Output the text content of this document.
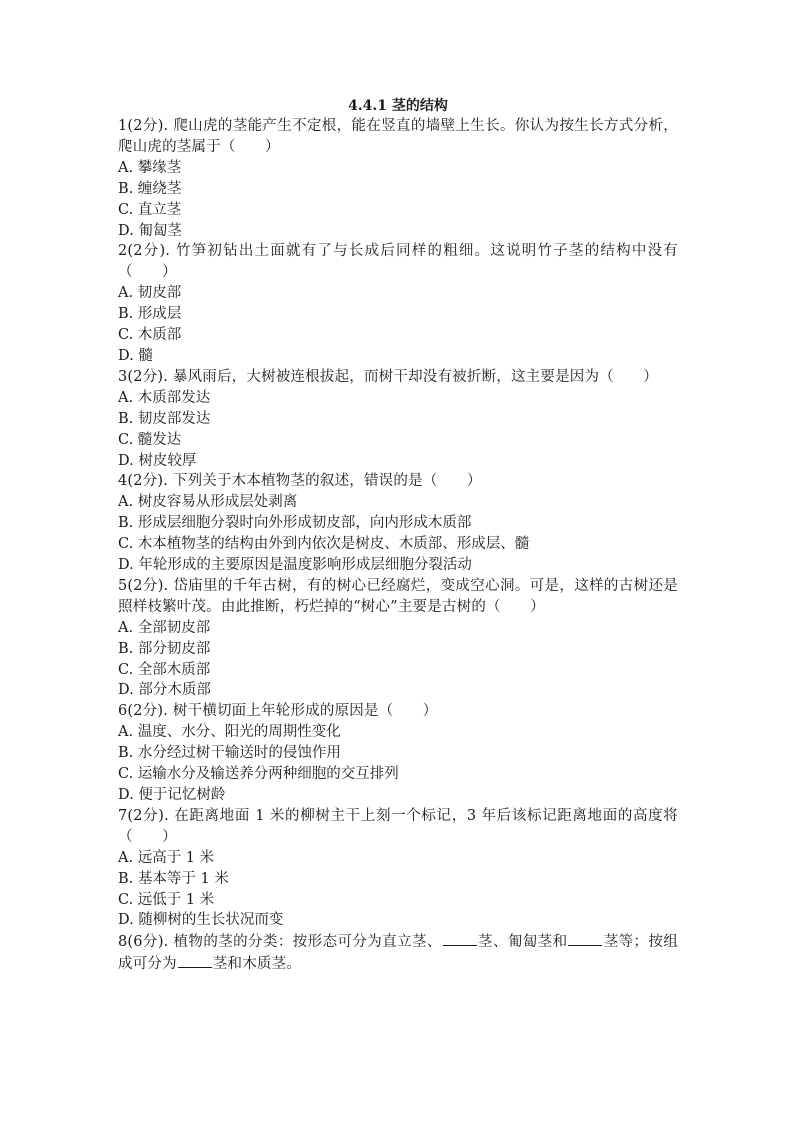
4.4.1 茎的结构

1(2分). 爬山虎的茎能产生不定根，能在竖直的墙壁上生长。你认为按生长方式分析，爬山虎的茎属于（　　）

A. 攀缘茎

B. 缠绕茎

C. 直立茎

D. 匍匐茎

2(2分). 竹笋初钻出土面就有了与长成后同样的粗细。这说明竹子茎的结构中没有（　　）

A. 韧皮部

B. 形成层

C. 木质部

D. 髓

3(2分). 暴风雨后，大树被连根拔起，而树干却没有被折断，这主要是因为（　　）

A. 木质部发达

B. 韧皮部发达

C. 髓发达

D. 树皮较厚

4(2分). 下列关于木本植物茎的叙述，错误的是（　　）

A. 树皮容易从形成层处剥离

B. 形成层细胞分裂时向外形成韧皮部，向内形成木质部

C. 木本植物茎的结构由外到内依次是树皮、木质部、形成层、髓

D. 年轮形成的主要原因是温度影响形成层细胞分裂活动

5(2分). 岱庙里的千年古树，有的树心已经腐烂，变成空心洞。可是，这样的古树还是照样枝繁叶茂。由此推断，朽烂掉的“树心”主要是古树的（　　）

A. 全部韧皮部

B. 部分韧皮部

C. 全部木质部

D. 部分木质部

6(2分). 树干横切面上年轮形成的原因是（　　）

A. 温度、水分、阳光的周期性变化

B. 水分经过树干输送时的侵蚀作用

C. 运输水分及输送养分两种细胞的交互排列

D. 便于记忆树龄

7(2分). 在距离地面 1 米的柳树主干上刻一个标记，3 年后该标记距离地面的高度将（　　）

A. 远高于 1 米

B. 基本等于 1 米

C. 远低于 1 米

D. 随柳树的生长状况而变

8(6分). 植物的茎的分类：按形态可分为直立茎、 茎、匍匐茎和 茎等；按组成可分为 茎和木质茎。
